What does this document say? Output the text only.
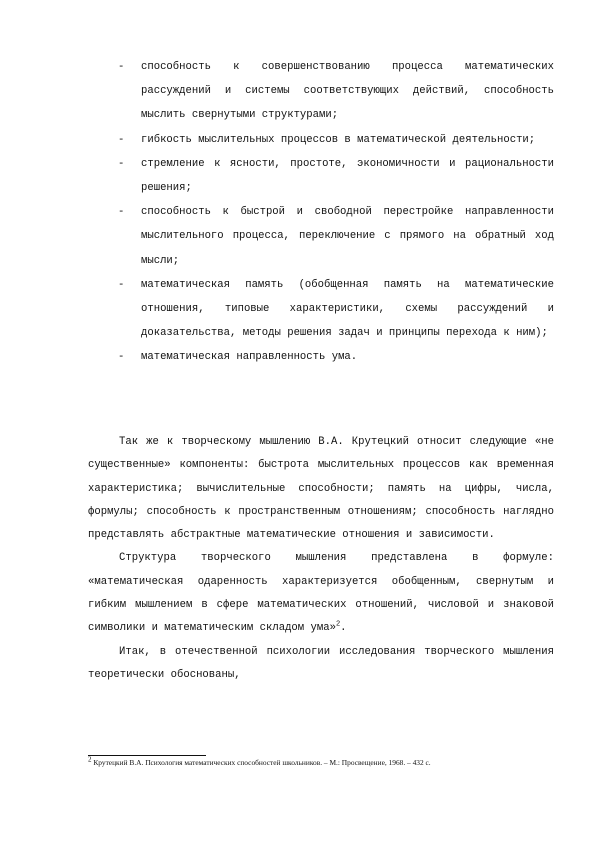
- способность к совершенствованию процесса математических рассуждений и системы соответствующих действий, способность мыслить свернутыми структурами;
- гибкость мыслительных процессов в математической деятельности;
- стремление к ясности, простоте, экономичности и рациональности решения;
- способность к быстрой и свободной перестройке направленности мыслительного процесса, переключение с прямого на обратный ход мысли;
- математическая память (обобщенная память на математические отношения, типовые характеристики, схемы рассуждений и доказательства, методы решения задач и принципы перехода к ним);
- математическая направленность ума.

Так же к творческому мышлению В.А. Крутецкий относит следующие «не существенные» компоненты: быстрота мыслительных процессов как временная характеристика; вычислительные способности; память на цифры, числа, формулы; способность к пространственным отношениям; способность наглядно представлять абстрактные математические отношения и зависимости.

Структура творческого мышления представлена в формуле: «математическая одаренность характеризуется обобщенным, свернутым и гибким мышлением в сфере математических отношений, числовой и знаковой символики и математическим складом ума»$^2$.

Итак, в отечественной психологии исследования творческого мышления теоретически обоснованы,

$^2$ Крутецкий В.А. Психология математических способностей школьников. – М.: Просвещение, 1968. – 432 с.
